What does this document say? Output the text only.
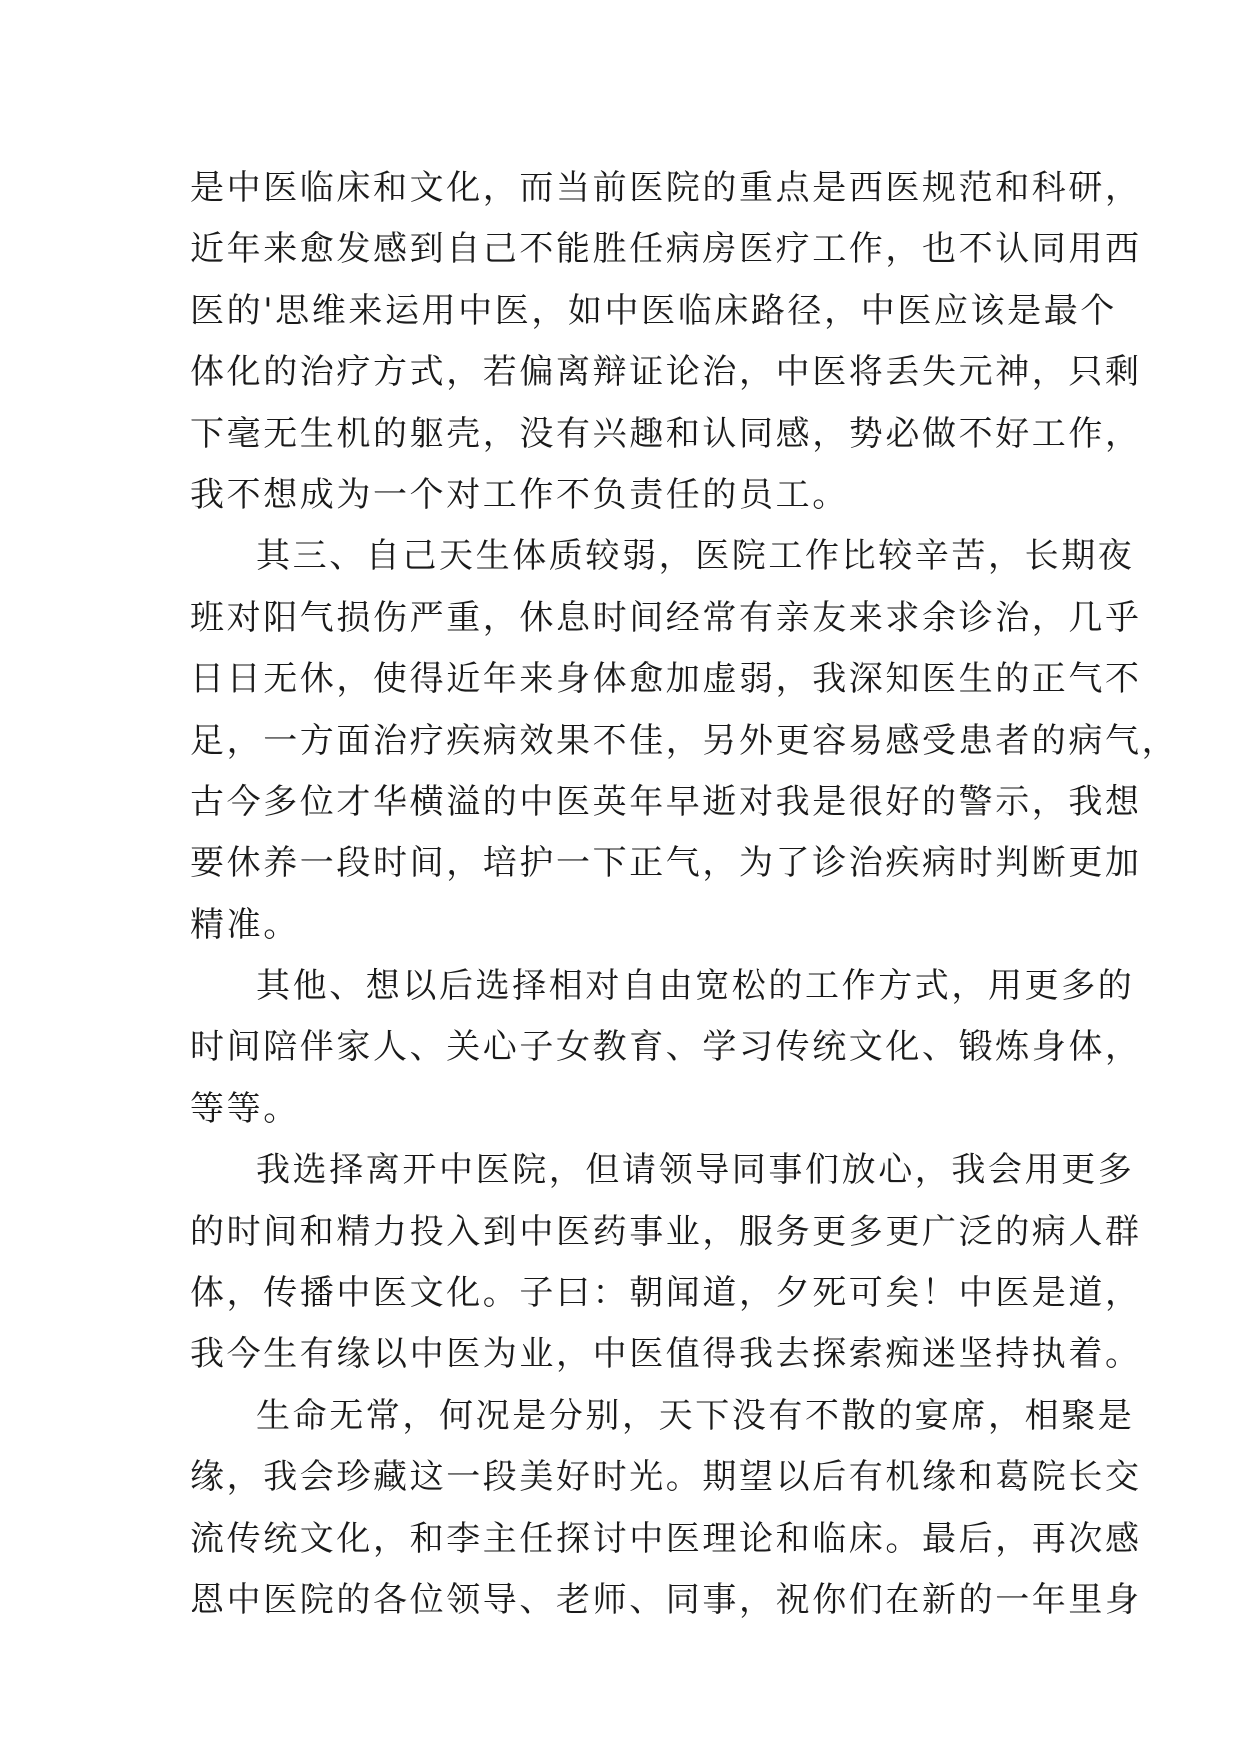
是中医临床和文化，而当前医院的重点是西医规范和科研，
近年来愈发感到自己不能胜任病房医疗工作，也不认同用西
医的'思维来运用中医，如中医临床路径，中医应该是最个
体化的治疗方式，若偏离辩证论治，中医将丢失元神，只剩
下毫无生机的躯壳，没有兴趣和认同感，势必做不好工作，
我不想成为一个对工作不负责任的员工。
其三、自己天生体质较弱，医院工作比较辛苦，长期夜
班对阳气损伤严重，休息时间经常有亲友来求余诊治，几乎
日日无休，使得近年来身体愈加虚弱，我深知医生的正气不
足，一方面治疗疾病效果不佳，另外更容易感受患者的病气，
古今多位才华横溢的中医英年早逝对我是很好的警示，我想
要休养一段时间，培护一下正气，为了诊治疾病时判断更加
精准。
其他、想以后选择相对自由宽松的工作方式，用更多的
时间陪伴家人、关心子女教育、学习传统文化、锻炼身体，
等等。
我选择离开中医院，但请领导同事们放心，我会用更多
的时间和精力投入到中医药事业，服务更多更广泛的病人群
体，传播中医文化。子曰：朝闻道，夕死可矣！中医是道，
我今生有缘以中医为业，中医值得我去探索痴迷坚持执着。
生命无常，何况是分别，天下没有不散的宴席，相聚是
缘，我会珍藏这一段美好时光。期望以后有机缘和葛院长交
流传统文化，和李主任探讨中医理论和临床。最后，再次感
恩中医院的各位领导、老师、同事，祝你们在新的一年里身
